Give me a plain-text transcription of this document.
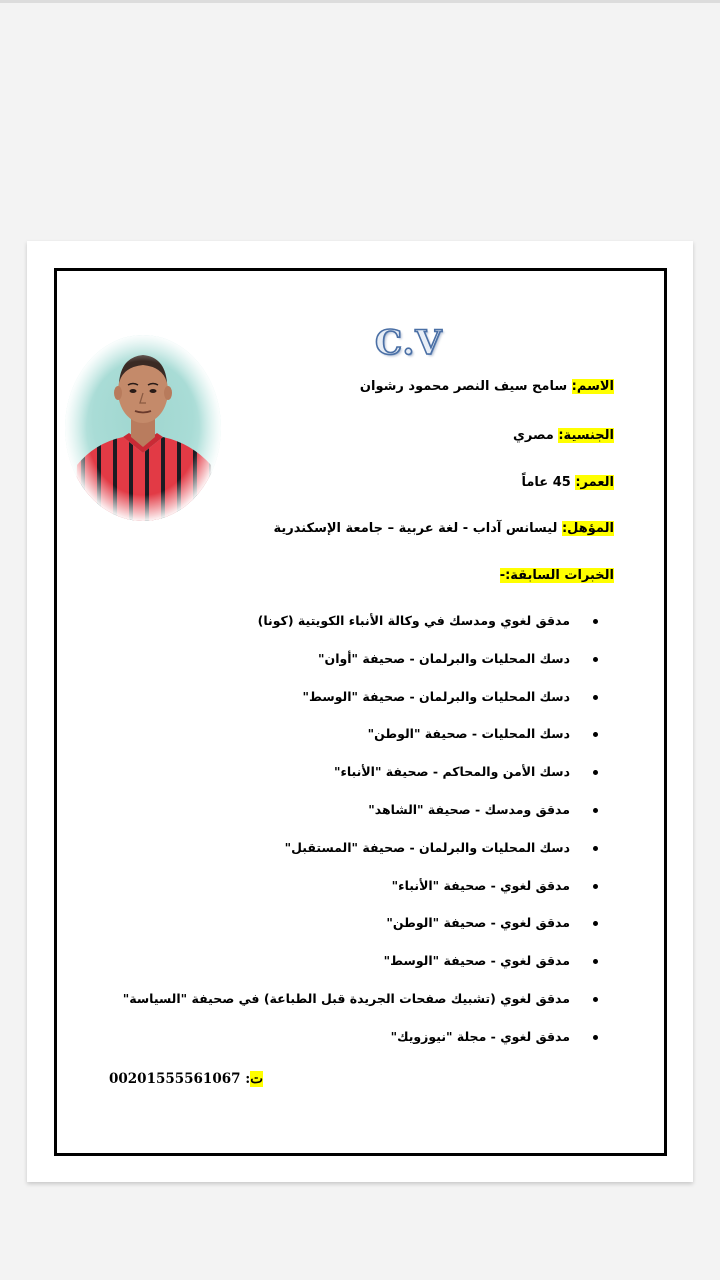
C.V
الاسم: سامح سيف النصر محمود رشوان
الجنسية: مصري
العمر: 45 عاماً
المؤهل: ليسانس آداب - لغة عربية – جامعة الإسكندرية
الخبرات السابقة:-
مدقق لغوي ومدسك في وكالة الأنباء الكويتية (كونا)
دسك المحليات والبرلمان - صحيفة "أوان"
دسك المحليات والبرلمان - صحيفة "الوسط"
دسك المحليات - صحيفة "الوطن"
دسك الأمن والمحاكم - صحيفة "الأنباء"
مدقق ومدسك - صحيفة "الشاهد"
دسك المحليات والبرلمان - صحيفة "المستقبل"
مدقق لغوي - صحيفة "الأنباء"
مدقق لغوي - صحيفة "الوطن"
مدقق لغوي - صحيفة "الوسط"
مدقق لغوي (تشبيك صفحات الجريدة قبل الطباعة) في صحيفة "السياسة"
مدقق لغوي - مجلة "نيوزويك"
ت: 00201555561067
